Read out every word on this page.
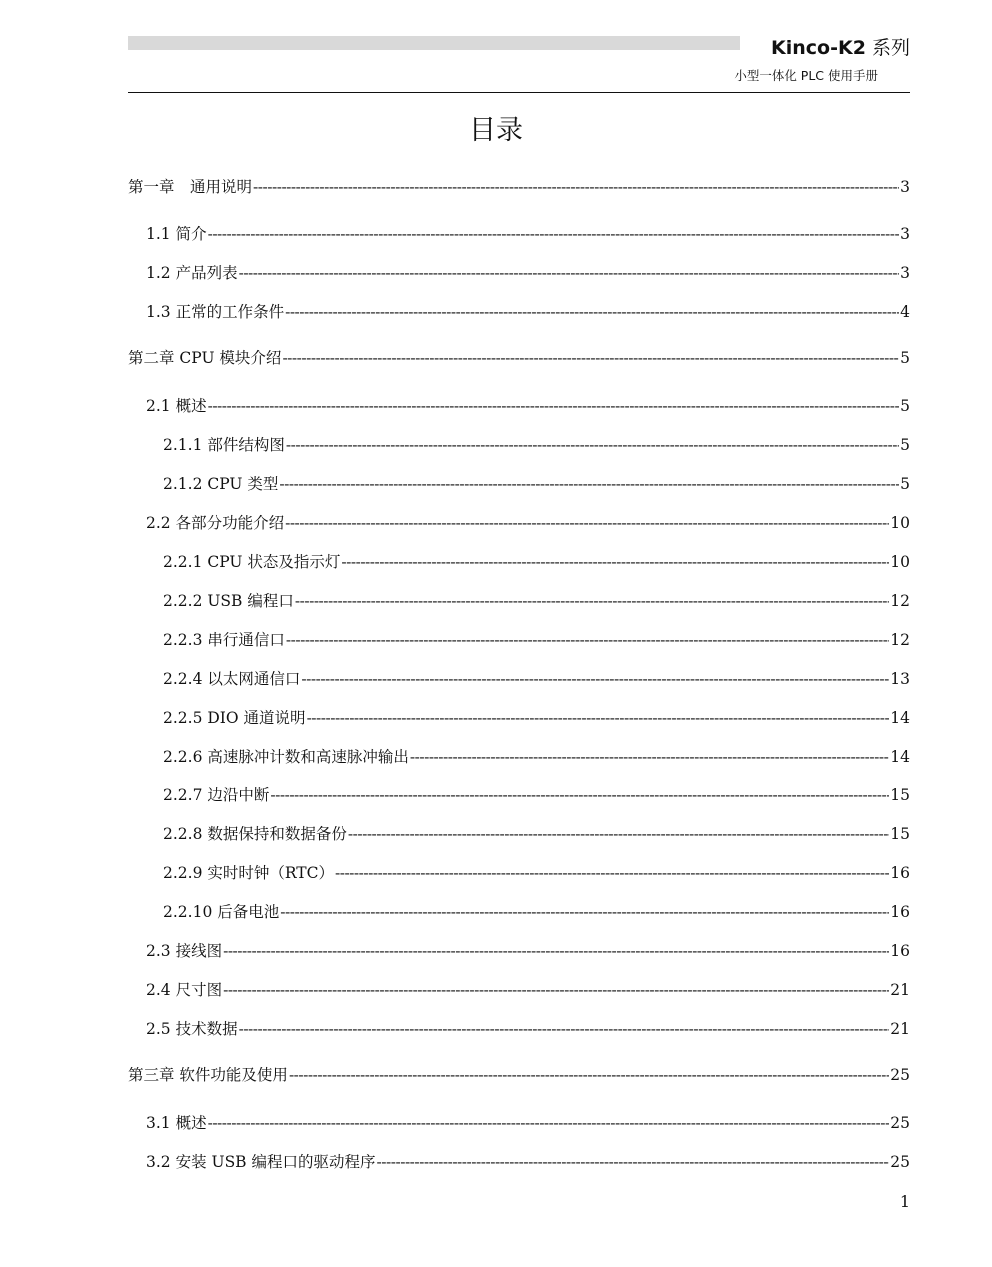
Kinco-K2 系列
小型一体化 PLC 使用手册
目录
第一章　通用说明 -----	3
1.1 简介 -----	3
1.2 产品列表 -----	3
1.3 正常的工作条件 -----	4
第二章 CPU 模块介绍 -----	5
2.1 概述 -----	5
2.1.1 部件结构图 -----	5
2.1.2 CPU 类型 -----	5
2.2 各部分功能介绍 -----	10
2.2.1 CPU 状态及指示灯 -----	10
2.2.2 USB 编程口 -----	12
2.2.3 串行通信口 -----	12
2.2.4 以太网通信口 -----	13
2.2.5 DIO 通道说明 -----	14
2.2.6 高速脉冲计数和高速脉冲输出 -----	14
2.2.7 边沿中断 -----	15
2.2.8 数据保持和数据备份 -----	15
2.2.9 实时时钟（RTC） -----	16
2.2.10 后备电池 -----	16
2.3 接线图 -----	16
2.4 尺寸图 -----	21
2.5 技术数据 -----	21
第三章 软件功能及使用 -----	25
3.1 概述 -----	25
3.2 安装 USB 编程口的驱动程序 -----	25
1
